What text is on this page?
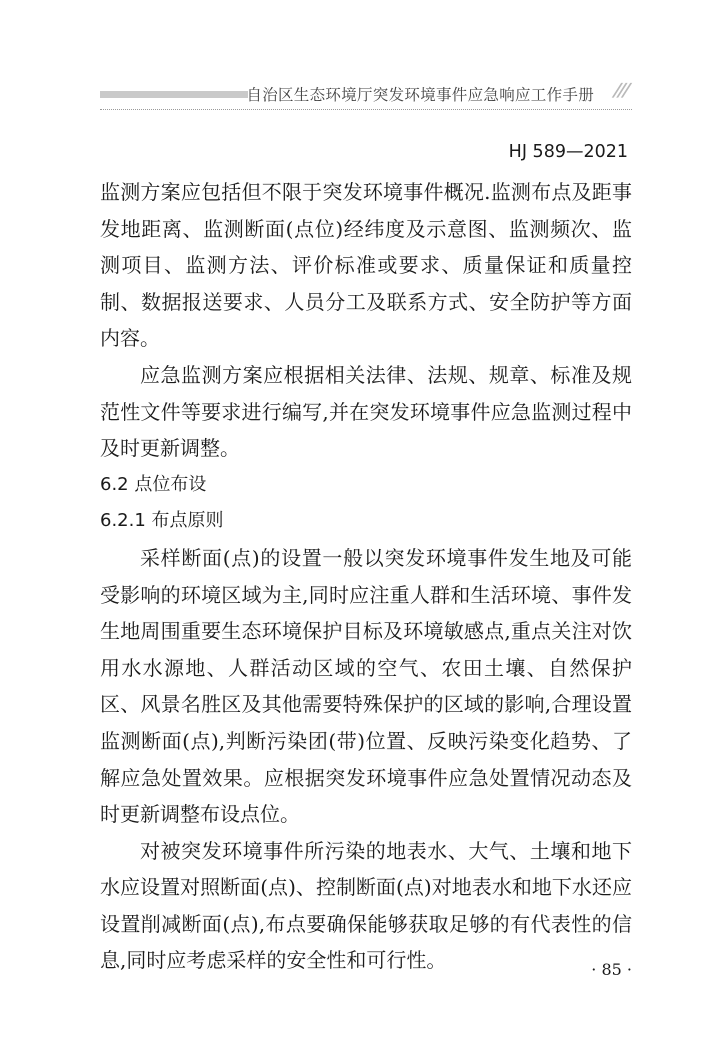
自治区生态环境厅突发环境事件应急响应工作手册 ///
HJ 589—2021

监测方案应包括但不限于突发环境事件概况.监测布点及距事发地距离、监测断面(点位)经纬度及示意图、监测频次、监测项目、监测方法、评价标准或要求、质量保证和质量控制、数据报送要求、人员分工及联系方式、安全防护等方面内容。

应急监测方案应根据相关法律、法规、规章、标准及规范性文件等要求进行编写,并在突发环境事件应急监测过程中及时更新调整。

6.2 点位布设

6.2.1 布点原则

采样断面(点)的设置一般以突发环境事件发生地及可能受影响的环境区域为主,同时应注重人群和生活环境、事件发生地周围重要生态环境保护目标及环境敏感点,重点关注对饮用水水源地、人群活动区域的空气、农田土壤、自然保护区、风景名胜区及其他需要特殊保护的区域的影响,合理设置监测断面(点),判断污染团(带)位置、反映污染变化趋势、了解应急处置效果。应根据突发环境事件应急处置情况动态及时更新调整布设点位。

对被突发环境事件所污染的地表水、大气、土壤和地下水应设置对照断面(点)、控制断面(点)对地表水和地下水还应设置削减断面(点),布点要确保能够获取足够的有代表性的信息,同时应考虑采样的安全性和可行性。	· 85 ·
